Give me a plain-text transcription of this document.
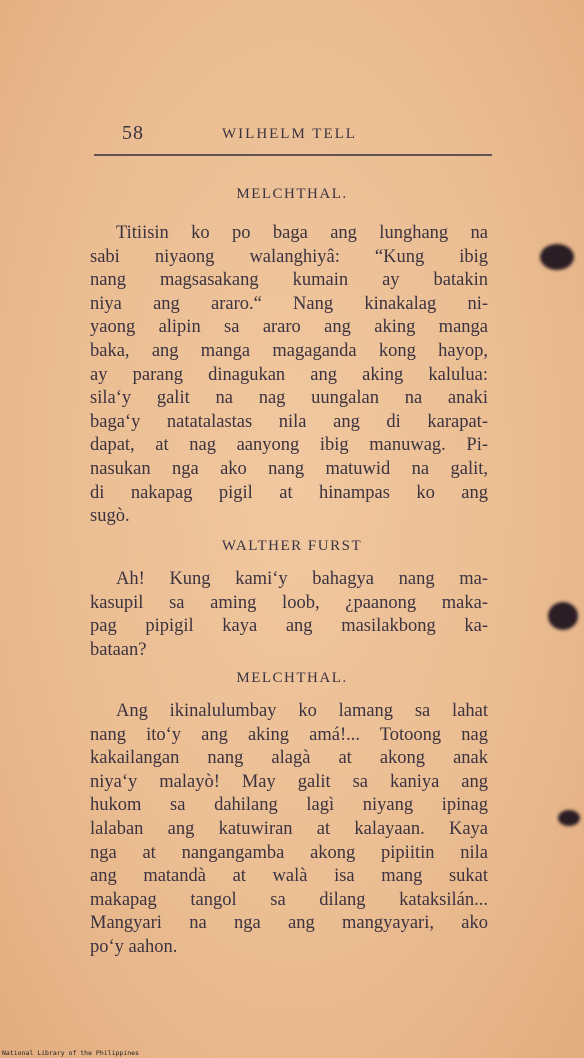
58	WILHELM TELL
MELCHTHAL.

Titiisin ko po baga ang lunghang na
sabi niyaong walanghiyâ: “Kung ibig
nang magsasakang kumain ay batakin
niya ang araro.“ Nang kinakalag ni-
yaong alipin sa araro ang aking manga
baka, ang manga magaganda kong hayop,
ay parang dinagukan ang aking kaluluа:
sila‘y galit na nag uungalan na anaki
baga‘y natatalastas nila ang di karapat-
dapat, at nag aanyong ibig manuwag. Pi-
nasukan nga ako nang matuwid na galit,
di nakapag pigil at hinampas ko ang
sugò.

WALTHER FURST

Ah! Kung kami‘y bahagya nang ma-
kasupil sa aming loob, ¿paanong maka-
pag pipigil kaya ang masilakbong ka-
bataan?

MELCHTHAL.

Ang ikinalulumbay ko lamang sa lahat
nang ito‘y ang aking amá!... Totoong nag
kakailangan nang alagà at akong anak
niya‘y malayò! May galit sa kaniya ang
hukom sa dahilang lagì niyang ipinag
lalaban ang katuwiran at kalayaan. Kaya
nga at nangangamba akong pipiitin nila
ang matandà at walà isa mang sukat
makapag tangol sa dilang kataksilán...
Mangyari na nga ang mangyayari, ako
po‘y aahon.

National Library of the Philippines
